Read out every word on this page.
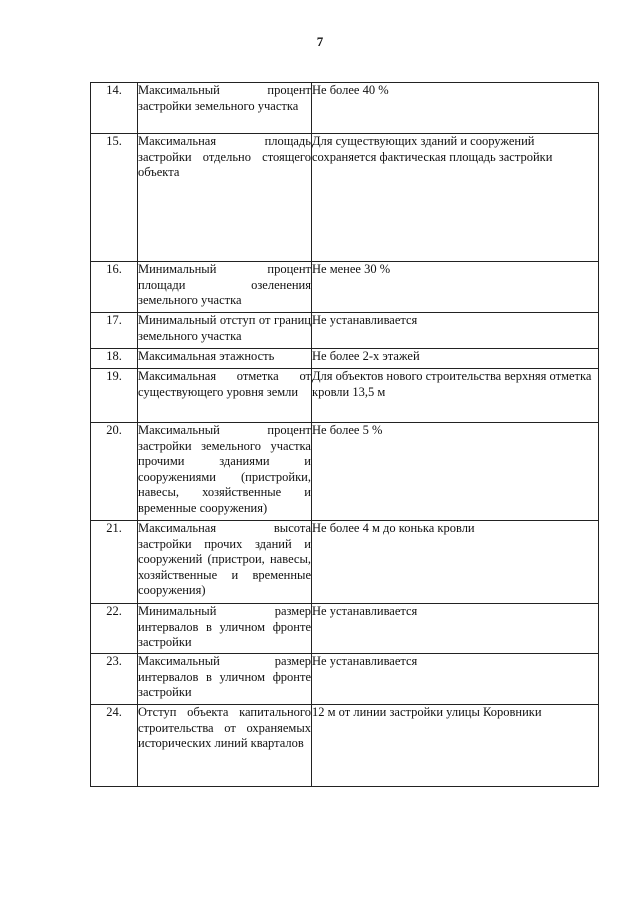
7
14.	Максимальный процент застройки земельного участка	Не более 40 %
15.	Максимальная площадь застройки отдельно стоящего объекта	Для существующих зданий и сооружений сохраняется фактическая площадь застройки
16.	Минимальный процент площади озеленения земельного участка	Не менее 30 %
17.	Минимальный отступ от границ земельного участка	Не устанавливается
18.	Максимальная этажность	Не более 2-х этажей
19.	Максимальная отметка от существующего уровня земли	Для объектов нового строительства верхняя отметка кровли 13,5 м
20.	Максимальный процент застройки земельного участка прочими зданиями и сооружениями (пристройки, навесы, хозяйственные и временные сооружения)	Не более 5 %
21.	Максимальная высота застройки прочих зданий и сооружений (пристрои, навесы, хозяйственные и временные сооружения)	Не более 4 м до конька кровли
22.	Минимальный размер интервалов в уличном фронте застройки	Не устанавливается
23.	Максимальный размер интервалов в уличном фронте застройки	Не устанавливается
24.	Отступ объекта капитального строительства от охраняемых исторических линий кварталов	12 м от линии застройки улицы Коровники
